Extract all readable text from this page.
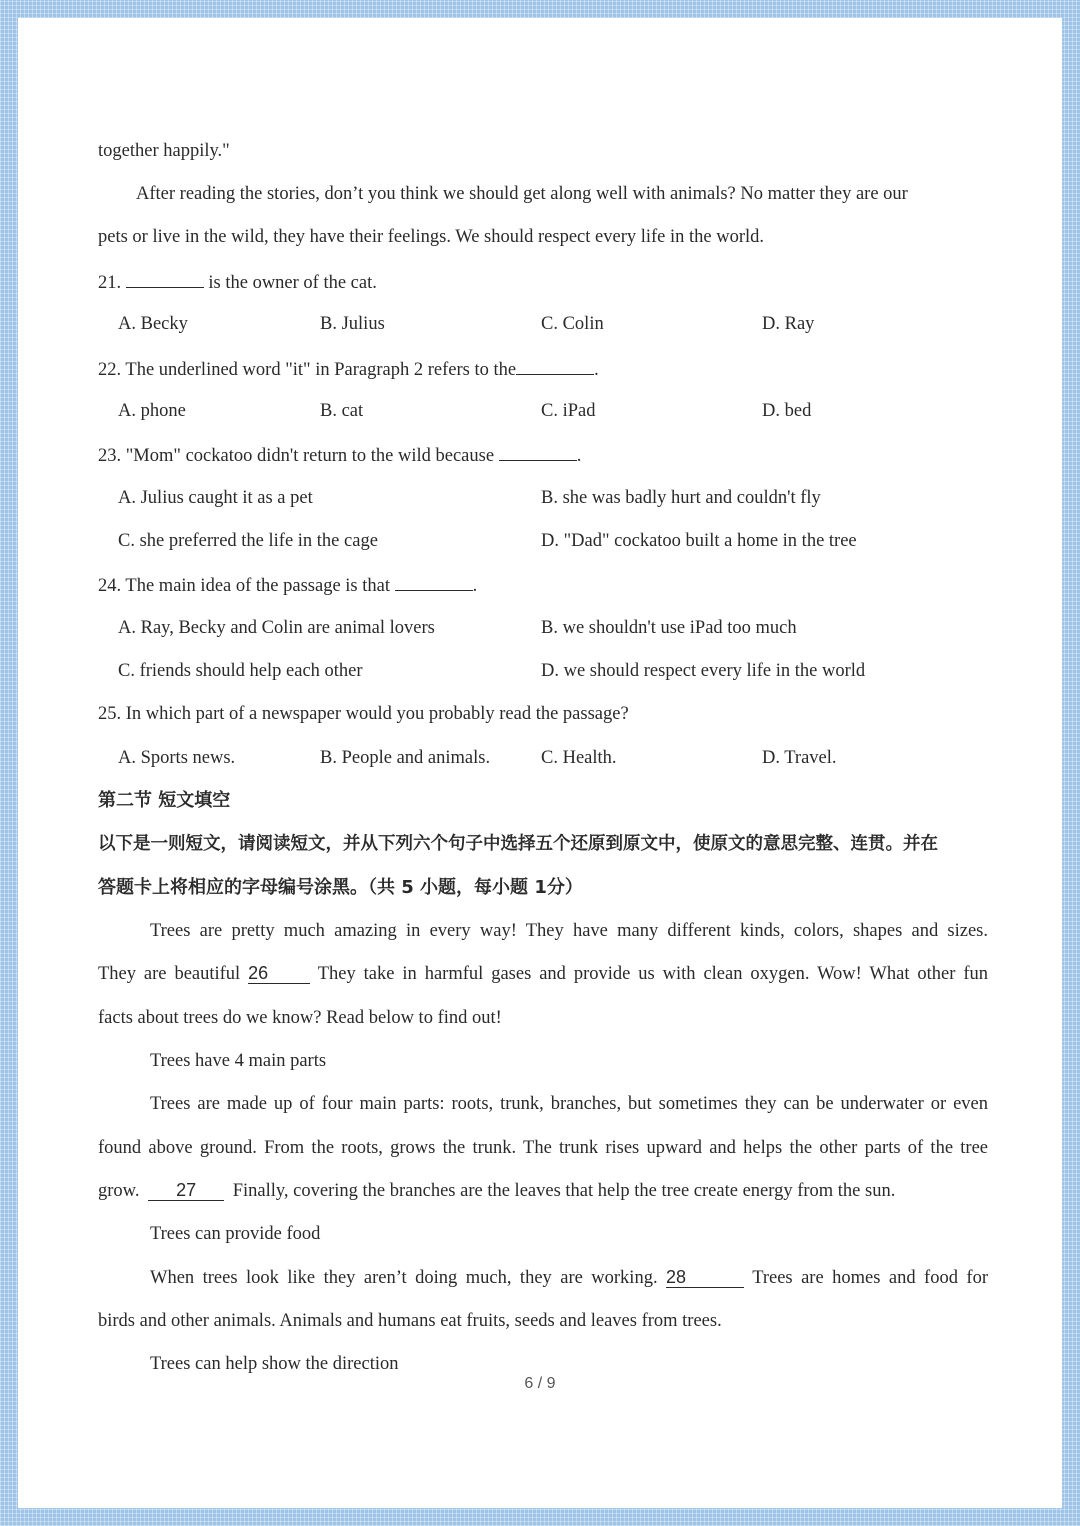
together happily."
After reading the stories, don’t you think we should get along well with animals? No matter they are our
pets or live in the wild, they have their feelings. We should respect every life in the world.
21.	is the owner of the cat.
A. Becky	B. Julius	C. Colin	D. Ray
22. The underlined word "it" in Paragraph 2 refers to the	.
A. phone	B. cat	C. iPad	D. bed
23. "Mom" cockatoo didn't return to the wild because	.
A. Julius caught it as a pet	B. she was badly hurt and couldn't fly
C. she preferred the life in the cage	D. "Dad" cockatoo built a home in the tree
24. The main idea of the passage is that	.
A. Ray, Becky and Colin are animal lovers	B. we shouldn't use iPad too much
C. friends should help each other	D. we should respect every life in the world
25. In which part of a newspaper would you probably read the passage?
A. Sports news.	B. People and animals.	C. Health.	D. Travel.
第二节 短文填空
以下是一则短文，请阅读短文，并从下列六个句子中选择五个还原到原文中，使原文的意思完整、连贯。并在
答题卡上将相应的字母编号涂黑。（共 5 小题，每小题 1分）
Trees are pretty much amazing in every way! They have many different kinds, colors, shapes and sizes.
They are beautiful 26	They take in harmful gases and provide us with clean oxygen. Wow! What other fun
facts about trees do we know? Read below to find out!
Trees have 4 main parts
Trees are made up of four main parts: roots, trunk, branches, but sometimes they can be underwater or even
found above ground. From the roots, grows the trunk. The trunk rises upward and helps the other parts of the tree
grow. 27 Finally, covering the branches are the leaves that help the tree create energy from the sun.
Trees can provide food
When trees look like they aren’t doing much, they are working. 28	Trees are homes and food for
birds and other animals. Animals and humans eat fruits, seeds and leaves from trees.
Trees can help show the direction
6 / 9
